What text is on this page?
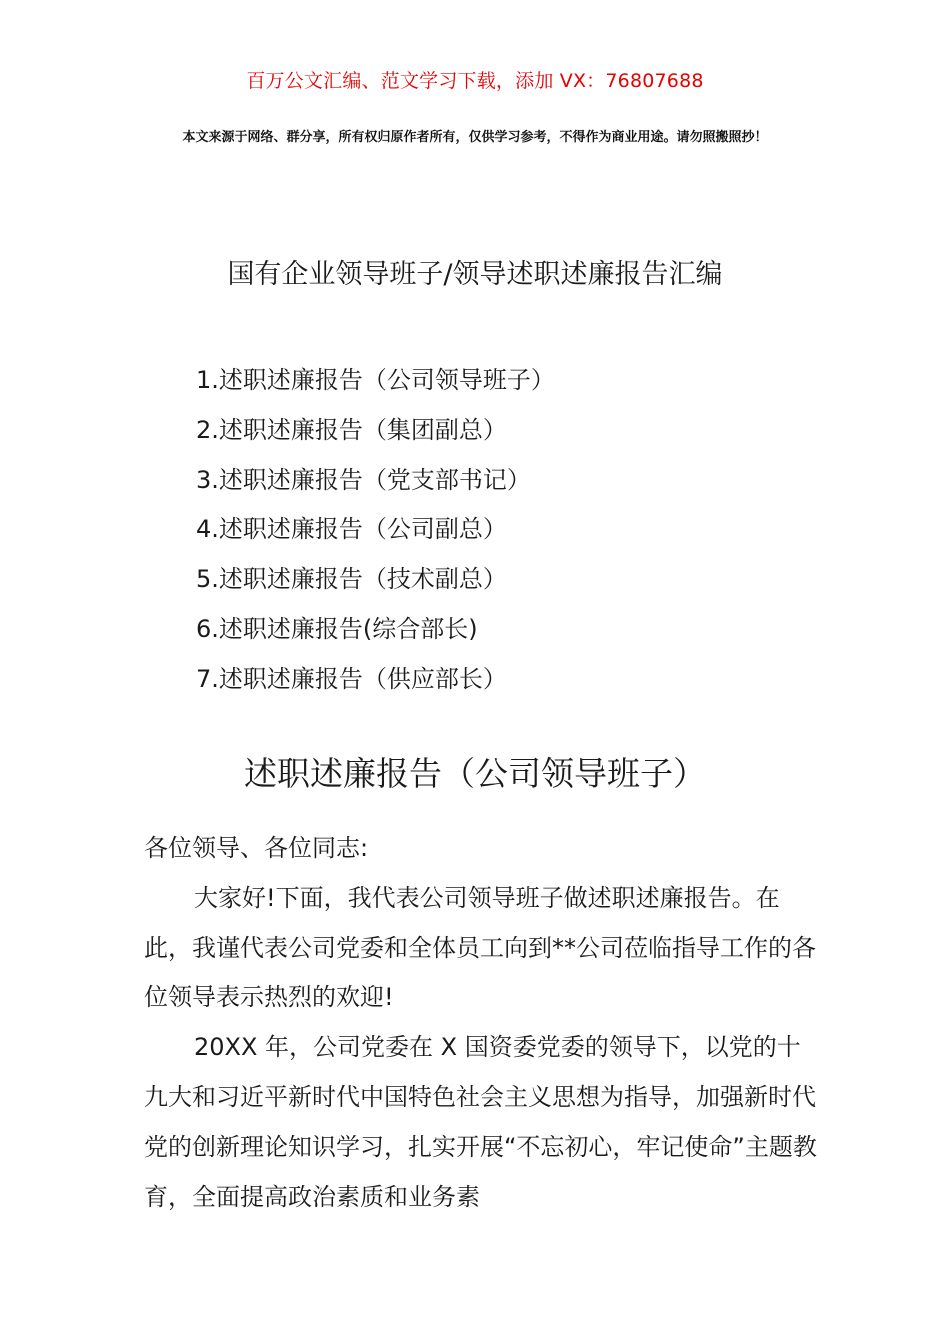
百万公文汇编、范文学习下载，添加 VX：76807688
本文来源于网络、群分享，所有权归原作者所有，仅供学习参考，不得作为商业用途。请勿照搬照抄！
国有企业领导班子/领导述职述廉报告汇编
1.述职述廉报告（公司领导班子）
2.述职述廉报告（集团副总）
3.述职述廉报告（党支部书记）
4.述职述廉报告（公司副总）
5.述职述廉报告（技术副总）
6.述职述廉报告(综合部长)
7.述职述廉报告（供应部长）
述职述廉报告（公司领导班子）

各位领导、各位同志:

大家好!下面，我代表公司领导班子做述职述廉报告。在此，我谨代表公司党委和全体员工向到**公司莅临指导工作的各位领导表示热烈的欢迎!

20XX 年，公司党委在 X 国资委党委的领导下，以党的十九大和习近平新时代中国特色社会主义思想为指导，加强新时代党的创新理论知识学习，扎实开展“不忘初心，牢记使命”主题教育，全面提高政治素质和业务素
